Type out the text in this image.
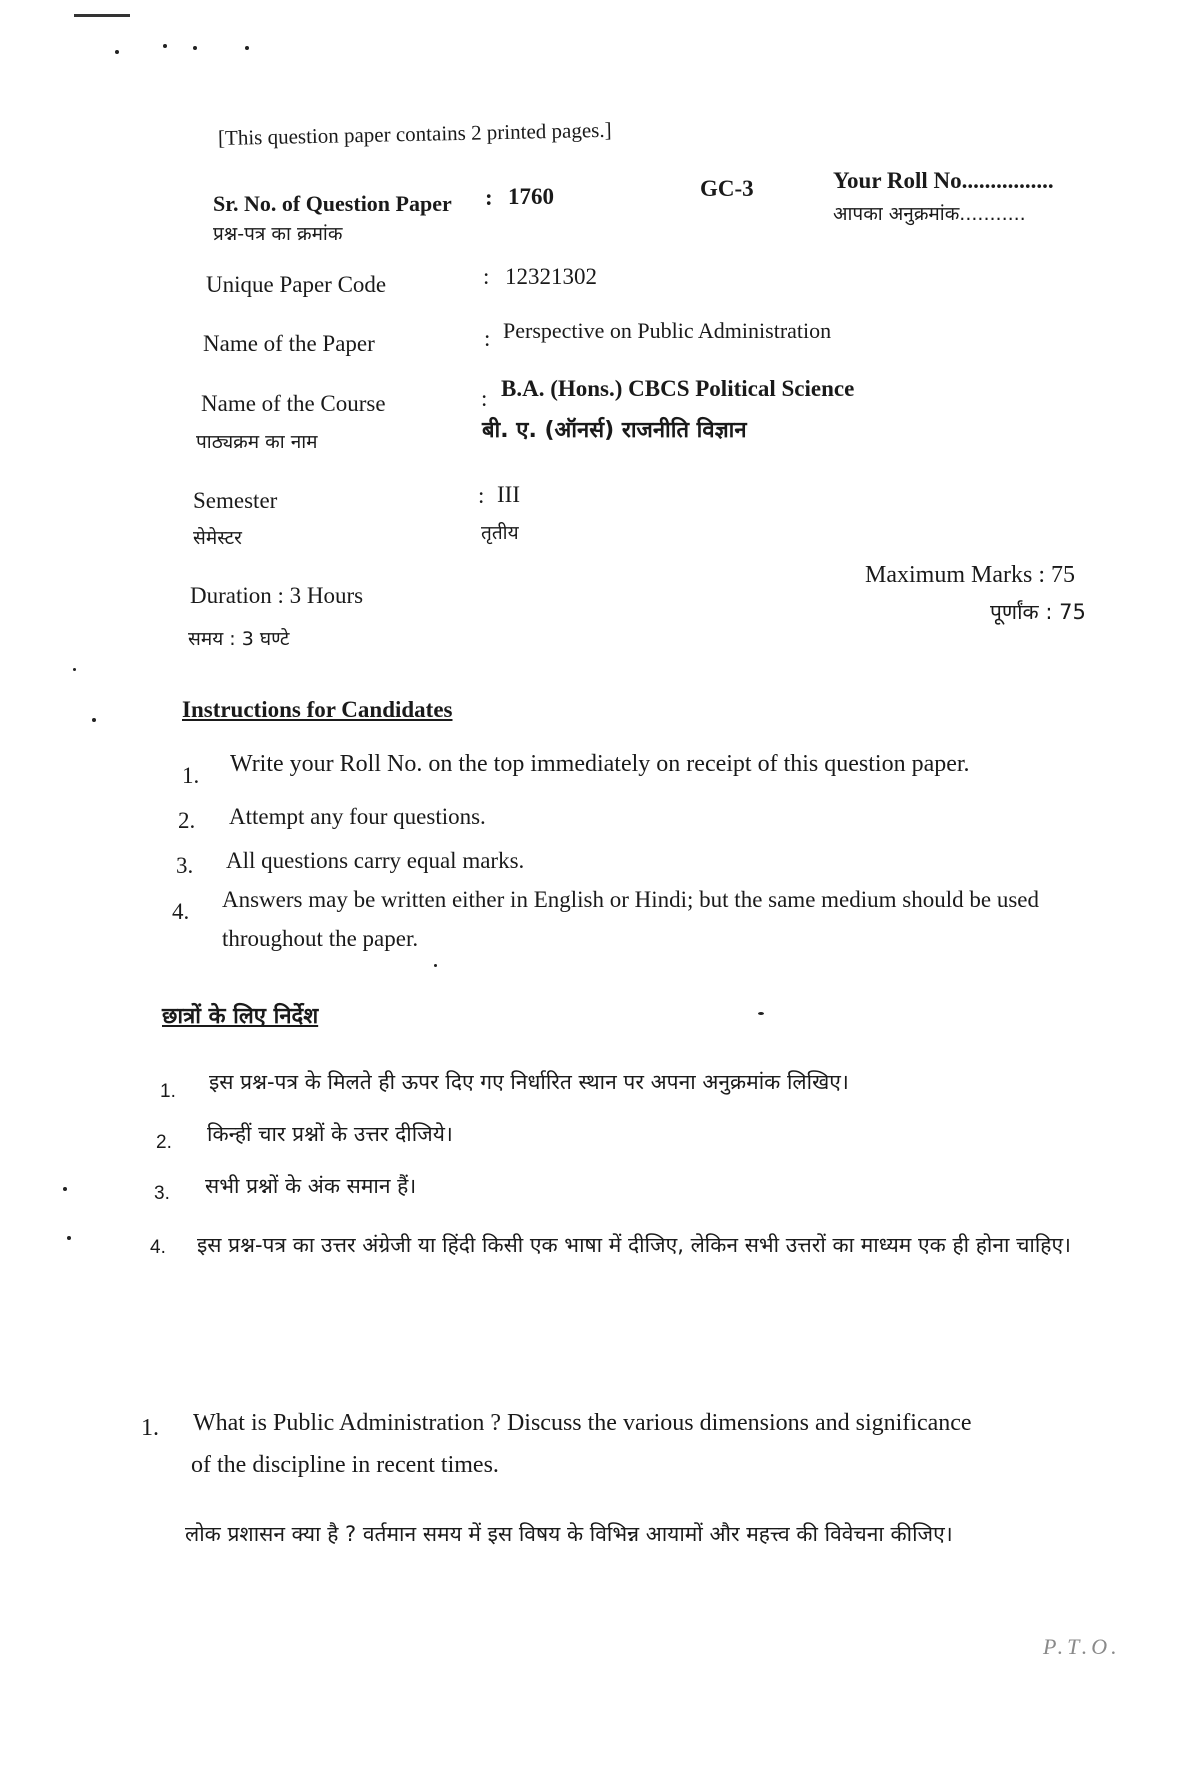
[This question paper contains 2 printed pages.]
Sr. No. of Question Paper : 1760
प्रश्न-पत्र का क्रमांक
GC-3	Your Roll No................
आपका अनुक्रमांक...........
Unique Paper Code	: 12321302
Name of the Paper	: Perspective on Public Administration
Name of the Course	: B.A. (Hons.) CBCS Political Science
पाठ्यक्रम का नाम	बी. ए. (ऑनर्स) राजनीति विज्ञान
Semester	: III
सेमेस्टर	तृतीय
Duration : 3 Hours
समय : 3 घण्टे
Maximum Marks : 75
पूर्णांक : 75
Instructions for Candidates
1. Write your Roll No. on the top immediately on receipt of this question paper.
2. Attempt any four questions.
3. All questions carry equal marks.
4. Answers may be written either in English or Hindi; but the same medium should be used throughout the paper.
छात्रों के लिए निर्देश
1. इस प्रश्न-पत्र के मिलते ही ऊपर दिए गए निर्धारित स्थान पर अपना अनुक्रमांक लिखिए।
2. किन्हीं चार प्रश्नों के उत्तर दीजिये।
3. सभी प्रश्नों के अंक समान हैं।
4. इस प्रश्न-पत्र का उत्तर अंग्रेजी या हिंदी किसी एक भाषा में दीजिए, लेकिन सभी उत्तरों का माध्यम एक ही होना चाहिए।
1. What is Public Administration ? Discuss the various dimensions and significance
of the discipline in recent times.
लोक प्रशासन क्या है ? वर्तमान समय में इस विषय के विभिन्न आयामों और महत्त्व की विवेचना कीजिए।
P.T.O.
